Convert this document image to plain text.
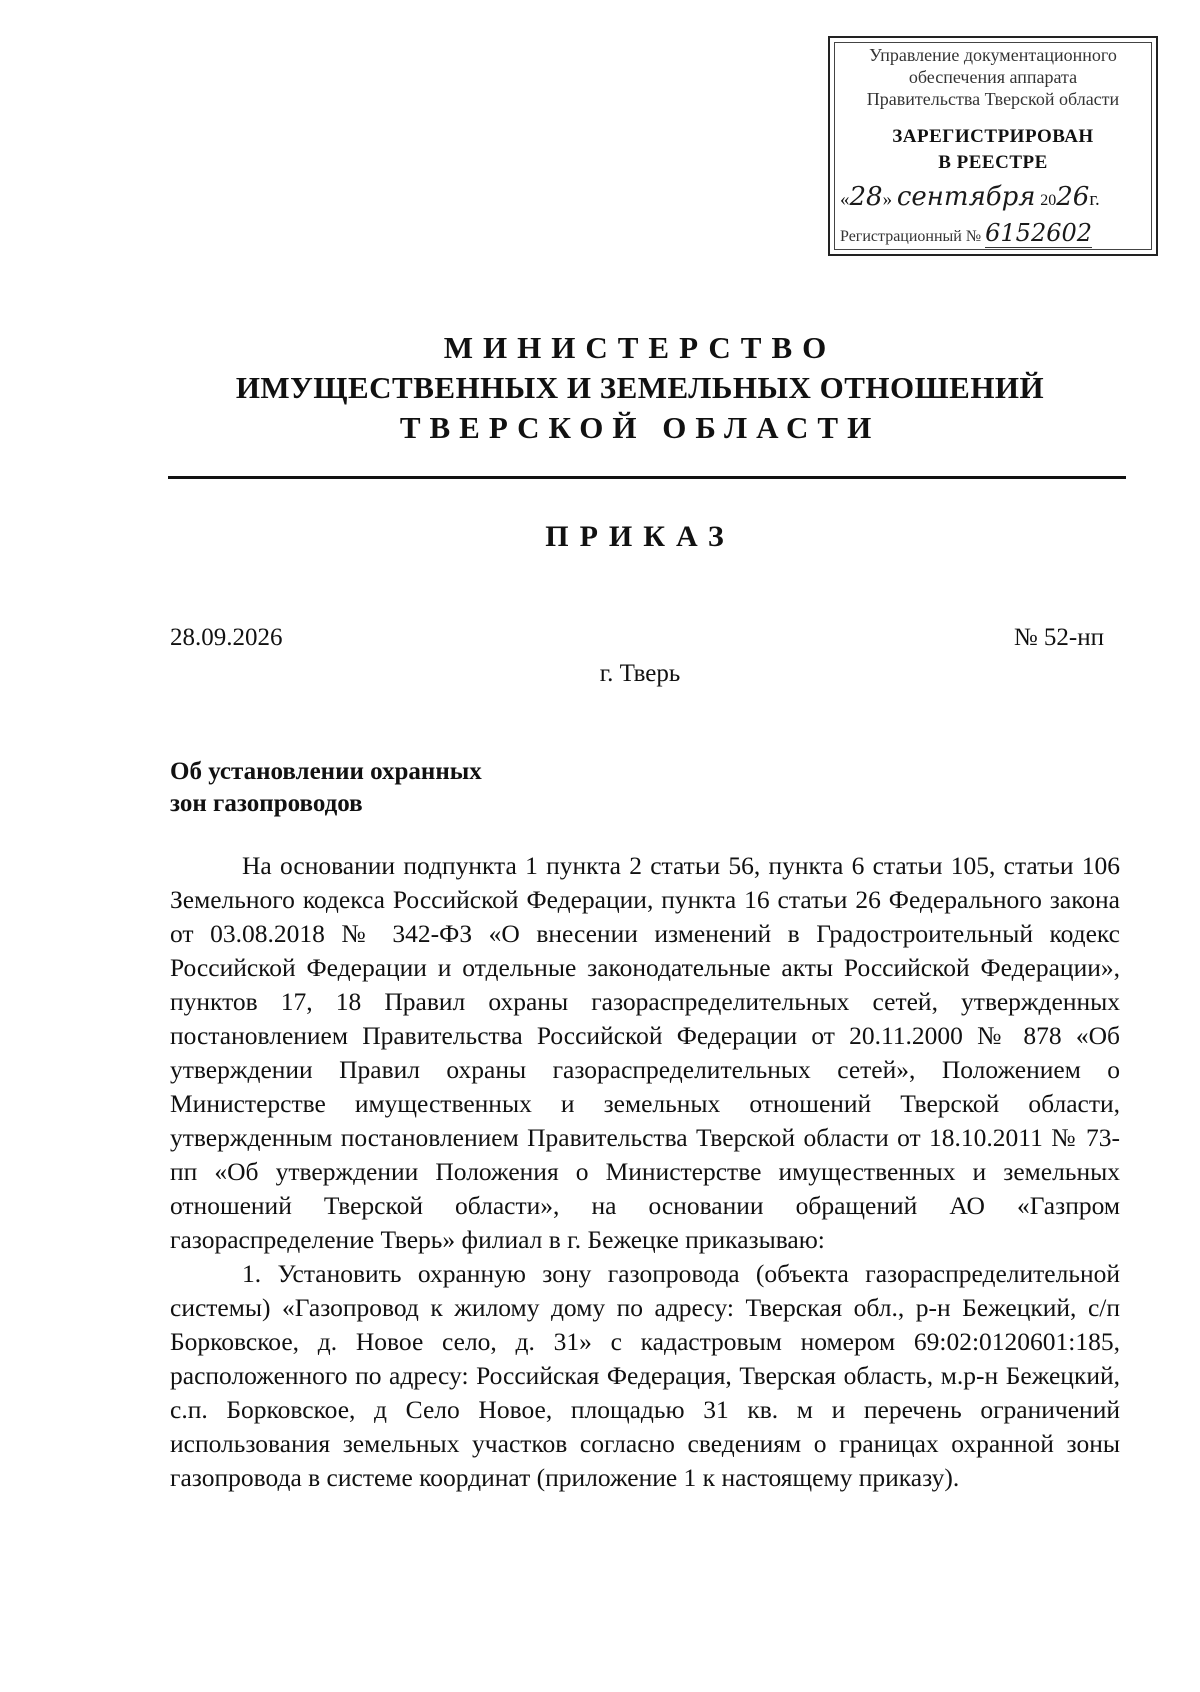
Управление документационного
обеспечения аппарата
Правительства Тверской области
ЗАРЕГИСТРИРОВАН
В РЕЕСТРЕ
«28» сентября 2026г.
Регистрационный № 6152602
МИНИСТЕРСТВО
ИМУЩЕСТВЕННЫХ И ЗЕМЕЛЬНЫХ ОТНОШЕНИЙ
ТВЕРСКОЙ ОБЛАСТИ
ПРИКАЗ
28.09.2026	№ 52-нп
г. Тверь
Об установлении охранных
зон газопроводов

На основании подпункта 1 пункта 2 статьи 56, пункта 6 статьи 105, статьи 106 Земельного кодекса Российской Федерации, пункта 16 статьи 26 Федерального закона от 03.08.2018 № 342-ФЗ «О внесении изменений в Градостроительный кодекс Российской Федерации и отдельные законодательные акты Российской Федерации», пунктов 17, 18 Правил охраны газораспределительных сетей, утвержденных постановлением Правительства Российской Федерации от 20.11.2000 № 878 «Об утверждении Правил охраны газораспределительных сетей», Положением о Министерстве имущественных и земельных отношений Тверской области, утвержденным постановлением Правительства Тверской области от 18.10.2011 № 73-пп «Об утверждении Положения о Министерстве имущественных и земельных отношений Тверской области», на основании обращений АО «Газпром газораспределение Тверь» филиал в г. Бежецке приказываю:

1. Установить охранную зону газопровода (объекта газораспределительной системы) «Газопровод к жилому дому по адресу: Тверская обл., р-н Бежецкий, с/п Борковское, д. Новое село, д. 31» с кадастровым номером 69:02:0120601:185, расположенного по адресу: Российская Федерация, Тверская область, м.р-н Бежецкий, с.п. Борковское, д Село Новое, площадью 31 кв. м и перечень ограничений использования земельных участков согласно сведениям о границах охранной зоны газопровода в системе координат (приложение 1 к настоящему приказу).
